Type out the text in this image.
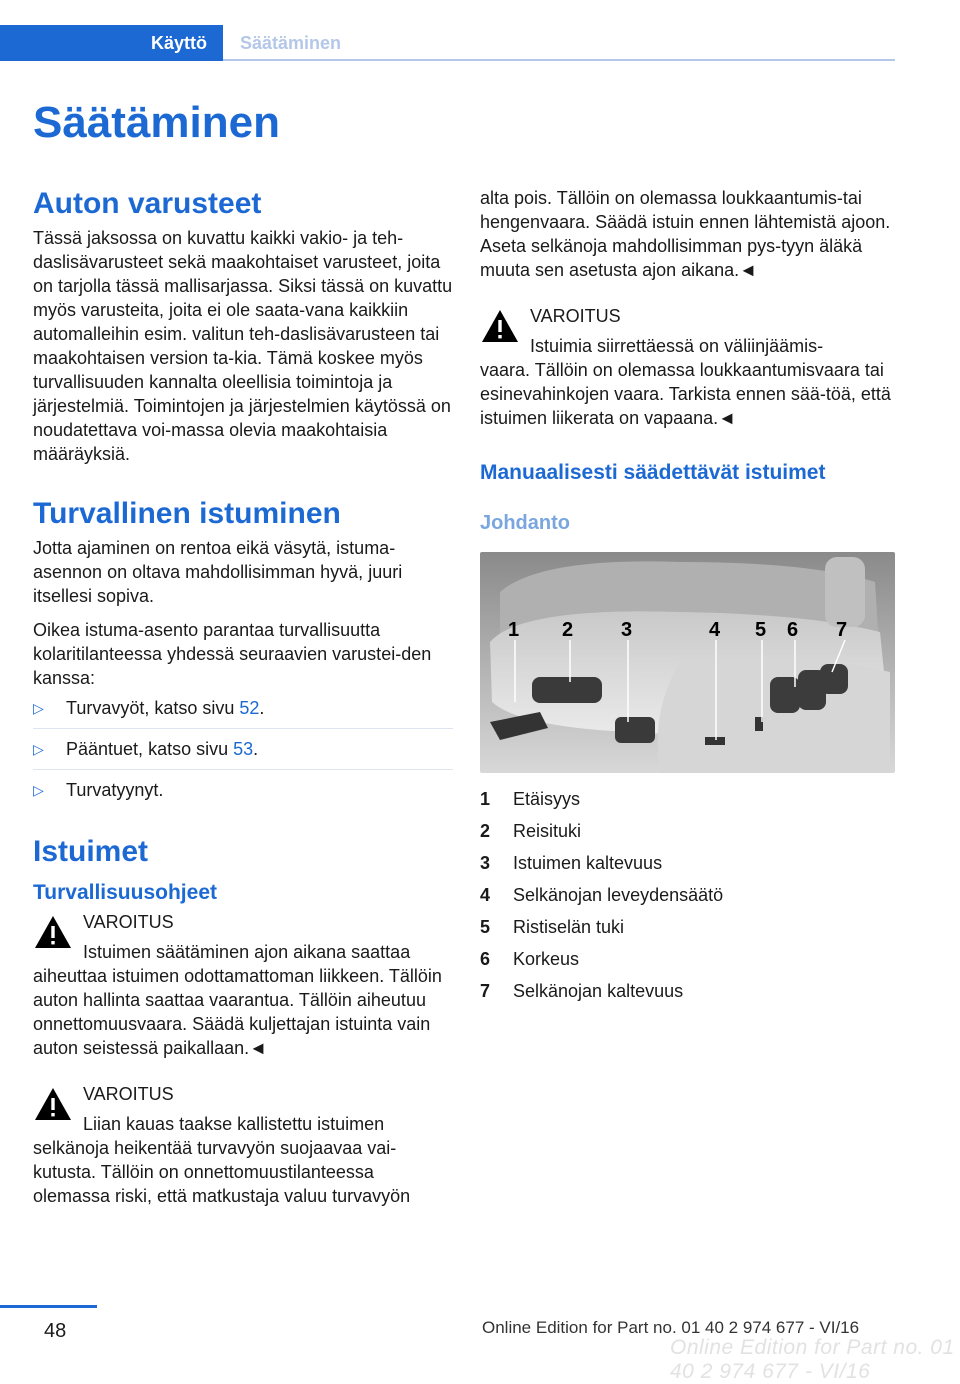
Käyttö Säätäminen
Säätäminen
Auton varusteet

Tässä jaksossa on kuvattu kaikki vakio- ja teh-daslisävarusteet sekä maakohtaiset varusteet, joita on tarjolla tässä mallisarjassa. Siksi tässä on kuvattu myös varusteita, joita ei ole saata-vana kaikkiin automalleihin esim. valitun teh-daslisävarusteen tai maakohtaisen version ta-kia. Tämä koskee myös turvallisuuden kannalta oleellisia toimintoja ja järjestelmiä. Toimintojen ja järjestelmien käytössä on noudatettava voi-massa olevia maakohtaisia määräyksiä.

Turvallinen istuminen

Jotta ajaminen on rentoa eikä väsytä, istuma-asennon on oltava mahdollisimman hyvä, juuri itsellesi sopiva.

Oikea istuma-asento parantaa turvallisuutta kolaritilanteessa yhdessä seuraavien varustei-den kanssa:

▷ Turvavyöt, katso sivu 52.
▷ Pääntuet, katso sivu 53.
▷ Turvatyynyt.
Istuimet
Turvallisuusohjeet
VAROITUS
Istuimen säätäminen ajon aikana saattaa
aiheuttaa istuimen odottamattoman liikkeen. Tällöin auton hallinta saattaa vaarantua. Tällöin aiheutuu onnettomuusvaara. Säädä kuljettajan istuinta vain auton seistessä paikallaan.◄
VAROITUS
Liian kauas taakse kallistettu istuimen
selkänoja heikentää turvavyön suojaavaa vai-kutusta. Tällöin on onnettomuustilanteessa olemassa riski, että matkustaja valuu turvavyön

alta pois. Tällöin on olemassa loukkaantumis-tai hengenvaara. Säädä istuin ennen lähtemistä ajoon. Aseta selkänoja mahdollisimman pys-tyyn äläkä muuta sen asetusta ajon aikana.◄

VAROITUS
Istuimia siirrettäessä on väliinjäämis-
vaara. Tällöin on olemassa loukkaantumisvaara tai esinevahinkojen vaara. Tarkista ennen sää-töä, että istuimen liikerata on vapaana.◄
Manuaalisesti säädettävät istuimet
Johdanto
1 2 3	4 5 6 7
1 Etäisyys
2 Reisituki
3 Istuimen kaltevuus
4 Selkänojan leveydensäätö
5 Ristiselän tuki
6 Korkeus
7 Selkänojan kaltevuus
48	Online Edition for Part no. 01 40 2 974 677 - VI/16
Online Edition for Part no. 01 40 2 974 677 - VI/16
